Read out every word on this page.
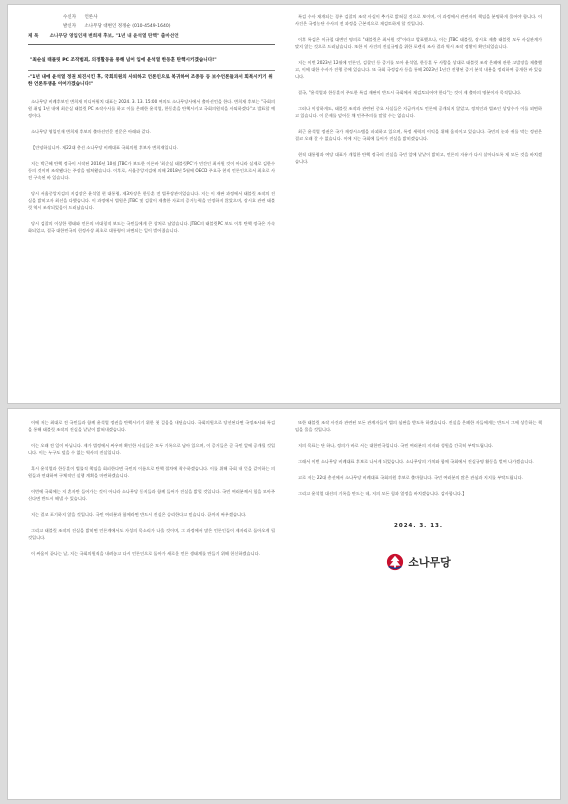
수신자 언론사
발신자 소나무당 대변인 정정순 (010-4549-1640)
제 목 소나무당 영입인재 변희재 후보, "1년 내 윤석열 탄핵" 출마선언
"최순실 태블릿 PC 조작범죄, 의정활동을 통해 넘어 입에 윤석열 한동훈 탄핵시키겠습니다!"
-"1년 내에 윤석열 정권 퇴진시킨 후, 국회의원의 사퇴하고 언론인으로 복귀하여 조중동 등 보수언론들과서 회복시키기 위한 언론투쟁을 이어가겠습니다!"

소나무당 비례후보인 변희재 미디어워치 대표는 2024. 3. 13. 15:00 여의도 소나무당사에서 출마선언을 한다. 변희재 후보는 "국회의원 취임 1년 내에 최순실 태블릿 PC 조작수사를 하고 이를 은폐한 윤석열, 한동훈을 탄핵시키고 국회의원직을 사퇴하겠다"고 발표할 예정이다.

소나무당 영입인재 변희재 후보의 출마선언문 전문은 아래와 같다.

【안녕하십니까. 제22대 총선 소나무당 비례대표 국회의원 후보자 변희재입니다.

저는 박근혜 탄핵 정국이 시작된 2016년 10월 JTBC가 보도한 이른바 '최순실 태블릿PC'가 민간인 최서원 것이 아니라 실제로 김한수 등의 것이며 조작됐다는 주장을 펼쳐왔습니다. 이후로, 서울중앙지검에 의해 2018년 5월에 OECD 주요국 현직 언론인으로서 최초로 사전 구속된 바 있습니다.

당시 서울중앙지검의 지검장은 윤석열 현 대통령, 제3차장은 한동훈 전 법무장관이었습니다. 저는 이 재판 과정에서 태블릿 조작의 진실을 밝히고자 최선을 다했습니다. 이 과정에서 법원은 JTBC 및 검찰이 제출한 자료의 증거능력을 인정하지 않았으며, 장시호 관련 태블릿 역시 조작되었음이 드러났습니다.

당시 검찰의 이상한 행태와 언론의 비대칭적 보도는 국민들에게 큰 상처로 남았습니다. JTBC의 태블릿PC 보도 이후 탄핵 정국은 가속화되었고, 결국 대한민국의 헌정사상 최초로 대통령이 파면되는 일이 벌어졌습니다.

특검 수사 재개되는 경우 검찰의 조작 사실이 추가로 밝혀질 것으로 보이며, 이 과정에서 관련자의 책임을 분명하게 물어야 합니다. 이 사건은 국정농단 수사의 전 과정을 근본적으로 재검토하게 할 것입니다.

이후 특검은 이규철 대변인 명의로 "태블릿은 최서원 것"이라고 발표했으나, 이는 JTBC 태블릿, 장시호 제출 태블릿 모두 사실관계가 맞지 않는 것으로 드러났습니다. 또한 이 사건의 진실규명을 위한 포렌식 조사 결과 역시 조작 정황이 확인되었습니다.

저는 이번 2023년 12월에 언론인, 검찰인 등 증거를 모아 윤석열, 한동훈 두 사람을 상대로 태블릿 조작 은폐에 관한 고발장을 제출했고, 이에 대한 수사가 진행 중에 있습니다. 또 국회 국정감사 등을 통해 2023년 1년간 진행된 증거 분석 내용을 정리하여 공개한 바 있습니다.

결국, "윤석열과 한동훈이 주도한 특검 재판이 반드시 국회에서 재검토되어야 한다"는 것이 제 출마의 명분이자 목적입니다.

그러나 이상하게도, 태블릿 조작과 관련된 중요 사실들은 지금까지도 언론에 공개되지 않았고, 정치인과 법조인 상당수가 이를 외면하고 있습니다. 이 문제를 덮어둔 채 민주주의를 말할 수는 없습니다.

최근 윤석열 정권은 국가 재정시스템을 파괴하고 있으며, 특정 세력의 이익을 위해 움직이고 있습니다. 국민의 눈과 귀를 막는 정권은 결코 오래 갈 수 없습니다. 이에 저는 국회에 들어가 진실을 밝히겠습니다.

현직 대통령과 여당 대표가 개입한 탄핵 정국의 진실을 국민 앞에 낱낱이 밝히고, 언론의 자유가 다시 살아나도록 제 모든 것을 바치겠습니다.

이에 저는 최대로 전 국민들과 함께 윤석열 정권을 탄핵시키기 위한 첫 걸음을 내딛습니다. 국회의원으로 당선된다면 국정조사와 특검을 통해 태블릿 조작의 진실을 낱낱이 밝혀내겠습니다.

이는 오래 전 일이 아닙니다. 제가 법정에서 싸우며 확인한 사실들은 모두 기록으로 남아 있으며, 이 증거들은 곧 국민 앞에 공개될 것입니다. 이는 누구도 덮을 수 없는 역사의 진실입니다.

혹시 윤석열과 한동훈이 법률적 책임을 회피한다면 국민의 이름으로 탄핵 절차에 착수하겠습니다. 이를 위해 국회 내 뜻을 같이하는 의원들과 연대하여 구체적인 실행 계획을 마련하겠습니다.

이번에 국회에는 저 혼자만 들어가는 것이 아니라 소나무당 동지들과 함께 들어가 진실을 밝힐 것입니다. 국민 여러분께서 힘을 모아주신다면 반드시 해낼 수 있습니다.

저는 결코 포기하지 않을 것입니다. 국민 여러분과 함께라면 반드시 진실은 승리한다고 믿습니다. 끝까지 싸우겠습니다.

그리고 태블릿 조작의 진실을 밝히면 언론계에서도 자성의 목소리가 나올 것이며, 그 과정에서 많은 언론인들이 제자리로 돌아오게 될 것입니다.

이 싸움이 끝나는 날, 저는 국회의원직을 내려놓고 다시 언론인으로 돌아가 새로운 언론 생태계를 만들기 위해 헌신하겠습니다.

또한 태블릿 조작 사건과 관련된 모든 관계자들이 법의 심판을 받도록 하겠습니다. 진실을 은폐한 자들에게는 반드시 그에 상응하는 책임을 물을 것입니다.

저의 목표는 단 하나, 정의가 바로 서는 대한민국입니다. 국민 여러분의 지지와 성원을 간곡히 부탁드립니다.

그래서 이번 소나무당 비례대표 후보로 나서게 되었습니다. 소나무당의 가치와 함께 국회에서 진실규명 활동을 벌여 나가겠습니다.

고로 저는 22대 총선에서 소나무당 비례대표 국회의원 후보로 출마합니다. 국민 여러분의 많은 관심과 지지를 부탁드립니다.

그리고 윤석열 대선의 기록을 만드는 데, 저의 모든 힘과 열정을 바치겠습니다. 감사합니다.】

2024. 3. 13.
소나무당
